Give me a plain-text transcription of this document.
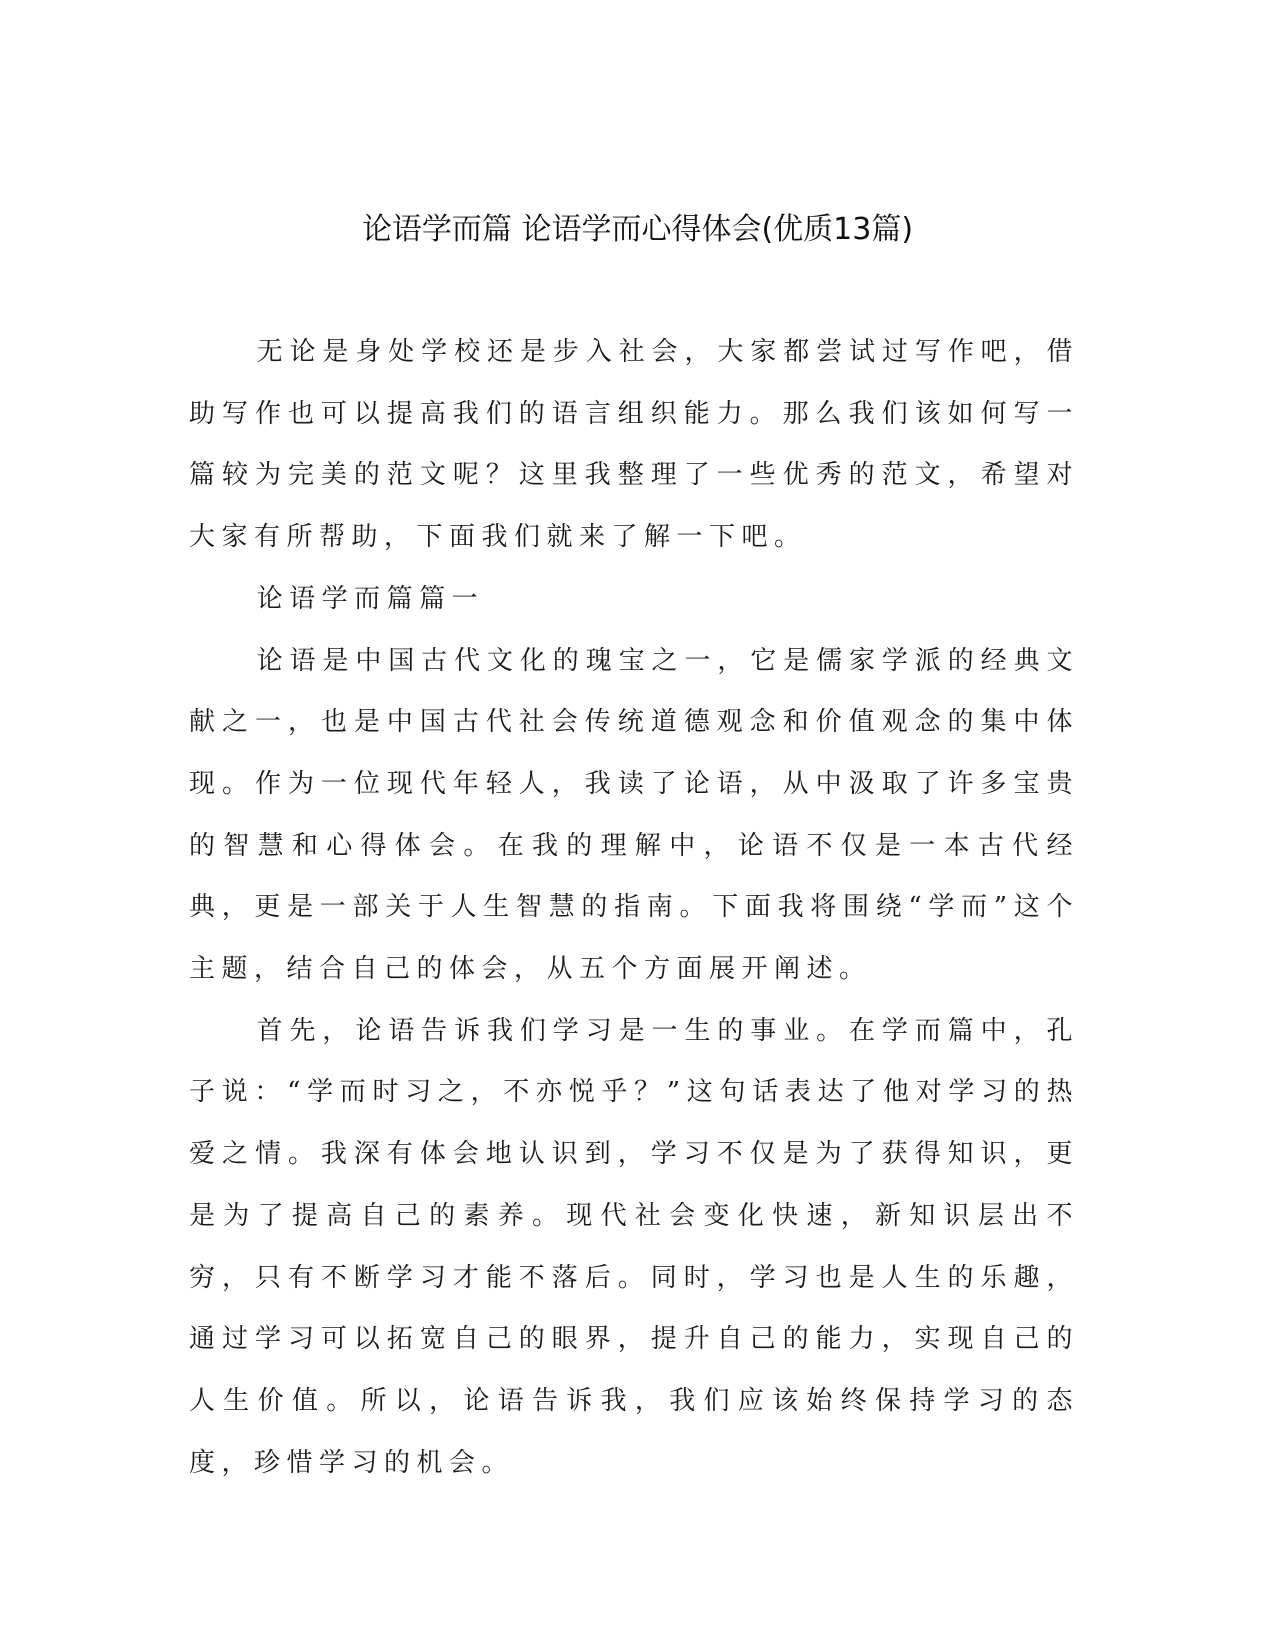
论语学而篇 论语学而心得体会(优质13篇)

无论是身处学校还是步入社会，大家都尝试过写作吧，借助写作也可以提高我们的语言组织能力。那么我们该如何写一篇较为完美的范文呢？这里我整理了一些优秀的范文，希望对大家有所帮助，下面我们就来了解一下吧。

论语学而篇篇一

论语是中国古代文化的瑰宝之一，它是儒家学派的经典文献之一，也是中国古代社会传统道德观念和价值观念的集中体现。作为一位现代年轻人，我读了论语，从中汲取了许多宝贵的智慧和心得体会。在我的理解中，论语不仅是一本古代经典，更是一部关于人生智慧的指南。下面我将围绕“学而”这个主题，结合自己的体会，从五个方面展开阐述。

首先，论语告诉我们学习是一生的事业。在学而篇中，孔子说：“学而时习之，不亦悦乎？”这句话表达了他对学习的热爱之情。我深有体会地认识到，学习不仅是为了获得知识，更是为了提高自己的素养。现代社会变化快速，新知识层出不穷，只有不断学习才能不落后。同时，学习也是人生的乐趣，通过学习可以拓宽自己的眼界，提升自己的能力，实现自己的人生价值。所以，论语告诉我，我们应该始终保持学习的态度，珍惜学习的机会。
